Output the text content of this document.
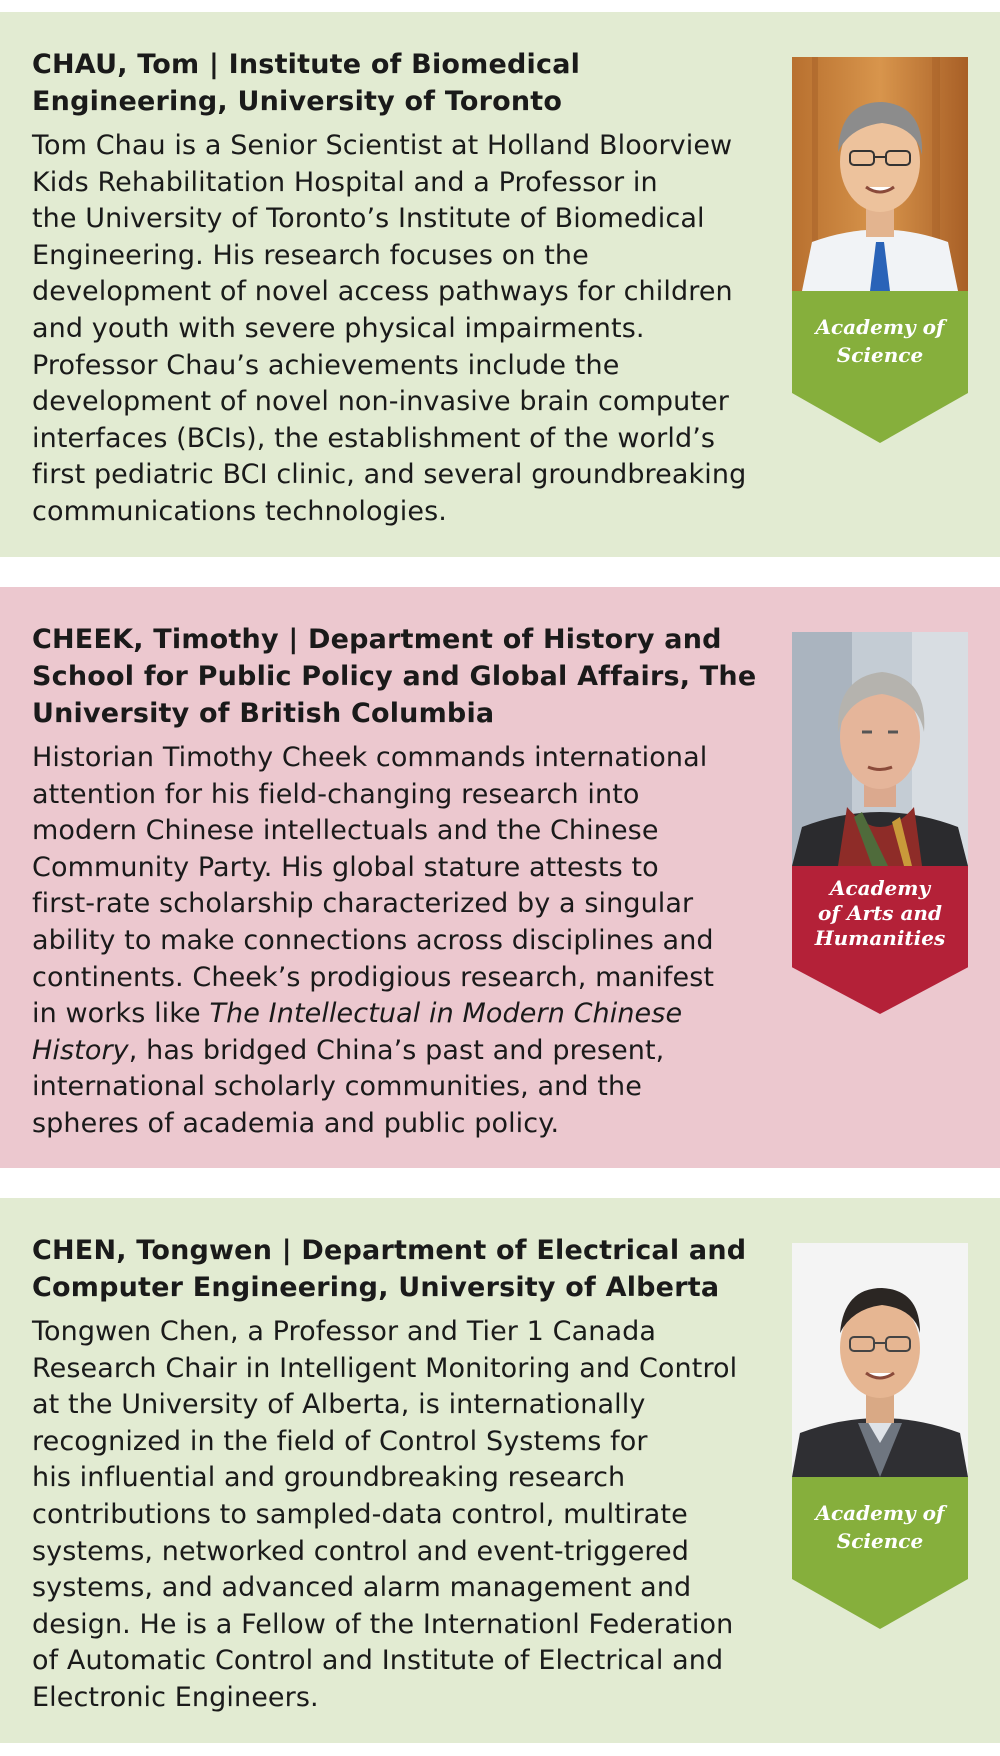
CHAU, Tom | Institute of Biomedical
Engineering, University of Toronto
Tom Chau is a Senior Scientist at Holland Bloorview
Kids Rehabilitation Hospital and a Professor in
the University of Toronto’s Institute of Biomedical
Engineering. His research focuses on the
development of novel access pathways for children
and youth with severe physical impairments.
Professor Chau’s achievements include the
development of novel non-invasive brain computer
interfaces (BCIs), the establishment of the world’s
first pediatric BCI clinic, and several groundbreaking
communications technologies.
Academy of
Science
CHEEK, Timothy | Department of History and
School for Public Policy and Global Affairs, The
University of British Columbia
Historian Timothy Cheek commands international
attention for his field-changing research into
modern Chinese intellectuals and the Chinese
Community Party. His global stature attests to
first-rate scholarship characterized by a singular
ability to make connections across disciplines and
continents. Cheek’s prodigious research, manifest
in works like The Intellectual in Modern Chinese
History, has bridged China’s past and present,
international scholarly communities, and the
spheres of academia and public policy.
Academy
of Arts and
Humanities
CHEN, Tongwen | Department of Electrical and
Computer Engineering, University of Alberta
Tongwen Chen, a Professor and Tier 1 Canada
Research Chair in Intelligent Monitoring and Control
at the University of Alberta, is internationally
recognized in the field of Control Systems for
his influential and groundbreaking research
contributions to sampled-data control, multirate
systems, networked control and event-triggered
systems, and advanced alarm management and
design. He is a Fellow of the Internationl Federation
of Automatic Control and Institute of Electrical and
Electronic Engineers.
Academy of
Science
